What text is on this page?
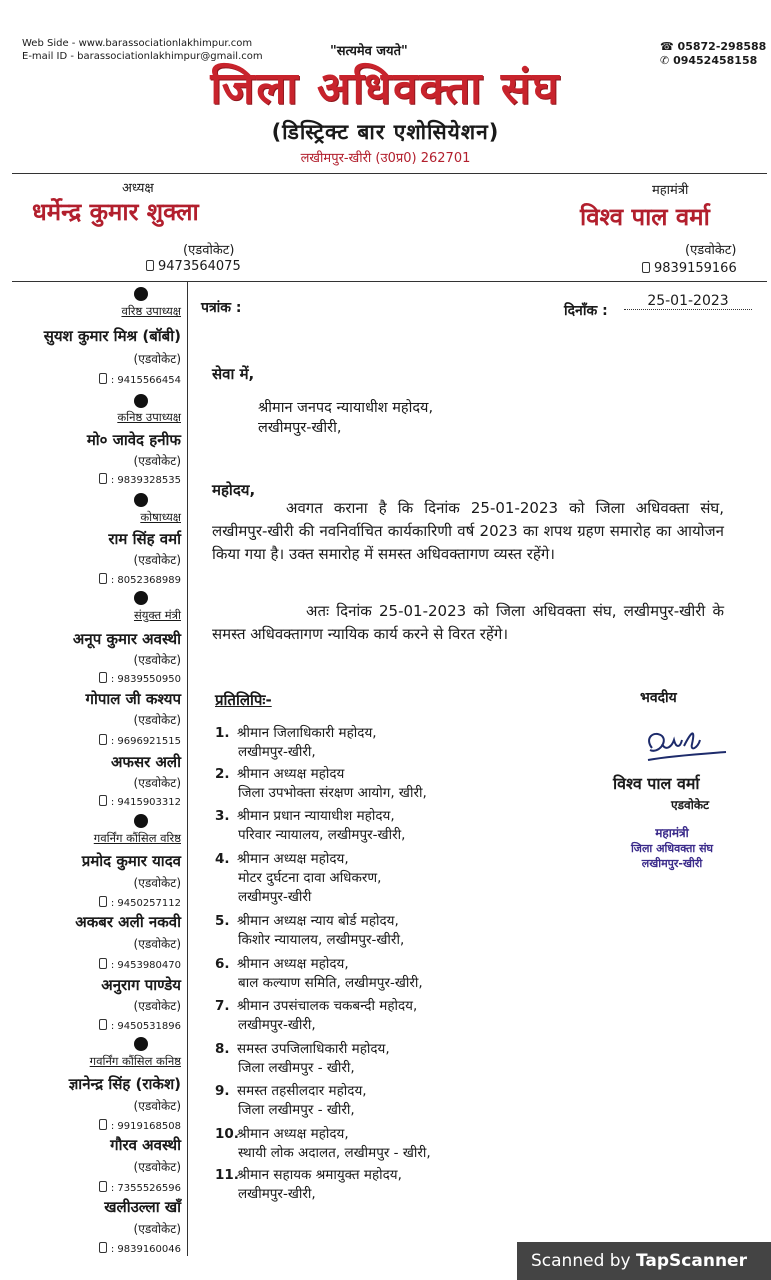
Web Side - www.barassociationlakhimpur.com
E-mail ID - barassociationlakhimpur@gmail.com	"सत्यमेव जयते"	☎ 05872-298588
✆ 09452458158
जिला अधिवक्ता संघ
(डिस्ट्रिक्ट बार एशोसियेशन)
लखीमपुर-खीरी (उ0प्र0) 262701
अध्यक्ष
धर्मेन्द्र कुमार शुक्ला
(एडवोकेट)
9473564075
महामंत्री
विश्व पाल वर्मा
(एडवोकेट)
9839159166
वरिष्ठ उपाध्यक्ष
सुयश कुमार मिश्र (बॉबी)
(एडवोकेट)
: 9415566454
कनिष्ठ उपाध्यक्ष
मो० जावेद हनीफ
(एडवोकेट)
: 9839328535
कोषाध्यक्ष
राम सिंह वर्मा
(एडवोकेट)
: 8052368989
संयुक्त मंत्री
अनूप कुमार अवस्थी
(एडवोकेट)
: 9839550950
गोपाल जी कश्यप
(एडवोकेट)
: 9696921515
अफसर अली
(एडवोकेट)
: 9415903312
गवर्निंग कौंसिल वरिष्ठ
प्रमोद कुमार यादव
(एडवोकेट)
: 9450257112
अकबर अली नकवी
(एडवोकेट)
: 9453980470
अनुराग पाण्डेय
(एडवोकेट)
: 9450531896
गवर्निंग कौंसिल कनिष्ठ
ज्ञानेन्द्र सिंह (राकेश)
(एडवोकेट)
: 9919168508
गौरव अवस्थी
(एडवोकेट)
: 7355526596
खलीउल्ला खाँ
(एडवोकेट)
: 9839160046
पत्रांक :	दिनाँक :
25-01-2023
सेवा में,
श्रीमान जनपद न्यायाधीश महोदय,
लखीमपुर-खीरी,
महोदय,
अवगत कराना है कि दिनांक 25-01-2023 को जिला अधिवक्ता संघ, लखीमपुर-खीरी की नवनिर्वाचित कार्यकारिणी वर्ष 2023 का शपथ ग्रहण समारोह का आयोजन किया गया है। उक्त समारोह में समस्त अधिवक्तागण व्यस्त रहेंगे।
अतः दिनांक 25-01-2023 को जिला अधिवक्ता संघ, लखीमपुर-खीरी के समस्त अधिवक्तागण न्यायिक कार्य करने से विरत रहेंगे।
प्रतिलिपिः-	भवदीय
विश्व पाल वर्मा
एडवोकेट
महामंत्री
जिला अधिवक्ता संघ
लखीमपुर-खीरी
1. श्रीमान जिलाधिकारी महोदय,
लखीमपुर-खीरी,
2. श्रीमान अध्यक्ष महोदय
जिला उपभोक्ता संरक्षण आयोग, खीरी,
3. श्रीमान प्रधान न्यायाधीश महोदय,
परिवार न्यायालय, लखीमपुर-खीरी,
4. श्रीमान अध्यक्ष महोदय,
मोटर दुर्घटना दावा अधिकरण,
लखीमपुर-खीरी
5. श्रीमान अध्यक्ष न्याय बोर्ड महोदय,
किशोर न्यायालय, लखीमपुर-खीरी,
6. श्रीमान अध्यक्ष महोदय,
बाल कल्याण समिति, लखीमपुर-खीरी,
7. श्रीमान उपसंचालक चकबन्दी महोदय,
लखीमपुर-खीरी,
8. समस्त उपजिलाधिकारी महोदय,
जिला लखीमपुर - खीरी,
9. समस्त तहसीलदार महोदय,
जिला लखीमपुर - खीरी,
10.श्रीमान अध्यक्ष महोदय,
स्थायी लोक अदालत, लखीमपुर - खीरी,
11.श्रीमान सहायक श्रमायुक्त महोदय,
लखीमपुर-खीरी,
Scanned by TapScanner
